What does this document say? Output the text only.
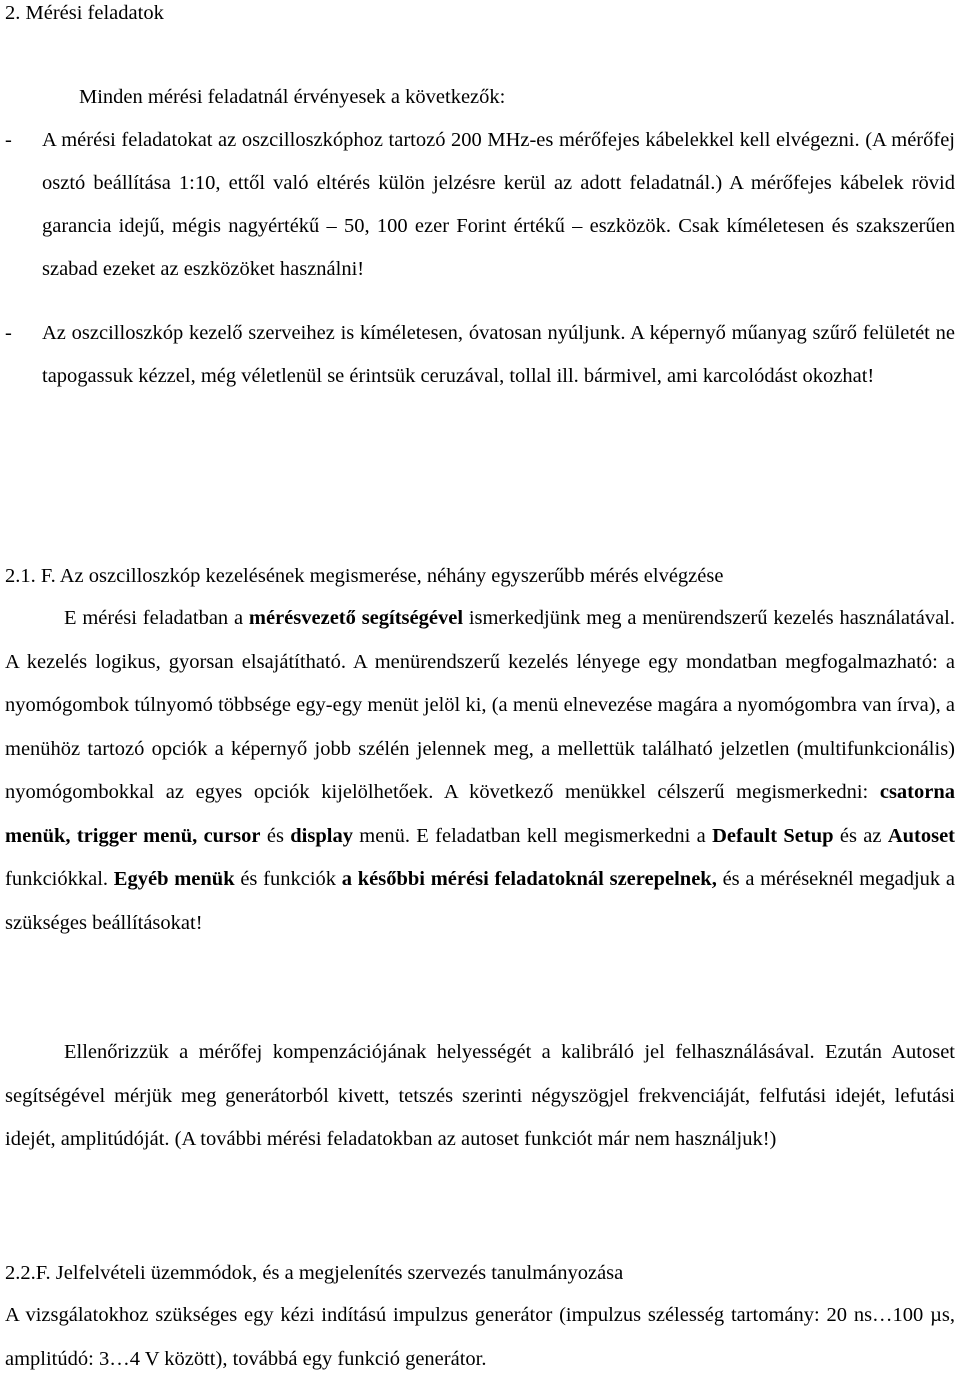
2. Mérési feladatok
Minden mérési feladatnál érvényesek a következők:
- A mérési feladatokat az oszcilloszkóphoz tartozó 200 MHz-es mérőfejes kábelekkel kell elvégezni. (A mérőfej osztó beállítása 1:10, ettől való eltérés külön jelzésre kerül az adott feladatnál.) A mérőfejes kábelek rövid garancia idejű, mégis nagyértékű – 50, 100 ezer Forint értékű – eszközök. Csak kíméletesen és szakszerűen szabad ezeket az eszközöket használni!
- Az oszcilloszkóp kezelő szerveihez is kíméletesen, óvatosan nyúljunk. A képernyő műanyag szűrő felületét ne tapogassuk kézzel, még véletlenül se érintsük ceruzával, tollal ill. bármivel, ami karcolódást okozhat!
2.1. F. Az oszcilloszkóp kezelésének megismerése, néhány egyszerűbb mérés elvégzése
E mérési feladatban a mérésvezető segítségével ismerkedjünk meg a menürendszerű kezelés használatával. A kezelés logikus, gyorsan elsajátítható. A menürendszerű kezelés lényege egy mondatban megfogalmazható: a nyomógombok túlnyomó többsége egy-egy menüt jelöl ki, (a menü elnevezése magára a nyomógombra van írva), a menühöz tartozó opciók a képernyő jobb szélén jelennek meg, a mellettük található jelzetlen (multifunkcionális) nyomógombokkal az egyes opciók kijelölhetőek. A következő menükkel célszerű megismerkedni: csatorna menük, trigger menü, cursor és display menü. E feladatban kell megismerkedni a Default Setup és az Autoset funkciókkal. Egyéb menük és funkciók a későbbi mérési feladatoknál szerepelnek, és a méréseknél megadjuk a szükséges beállításokat!
Ellenőrizzük a mérőfej kompenzációjának helyességét a kalibráló jel felhasználásával. Ezután Autoset segítségével mérjük meg generátorból kivett, tetszés szerinti négyszögjel frekvenciáját, felfutási idejét, lefutási idejét, amplitúdóját. (A további mérési feladatokban az autoset funkciót már nem használjuk!)
2.2.F. Jelfelvételi üzemmódok, és a megjelenítés szervezés tanulmányozása
A vizsgálatokhoz szükséges egy kézi indítású impulzus generátor (impulzus szélesség tartomány: 20 ns…100 µs, amplitúdó: 3…4 V között), továbbá egy funkció generátor.
